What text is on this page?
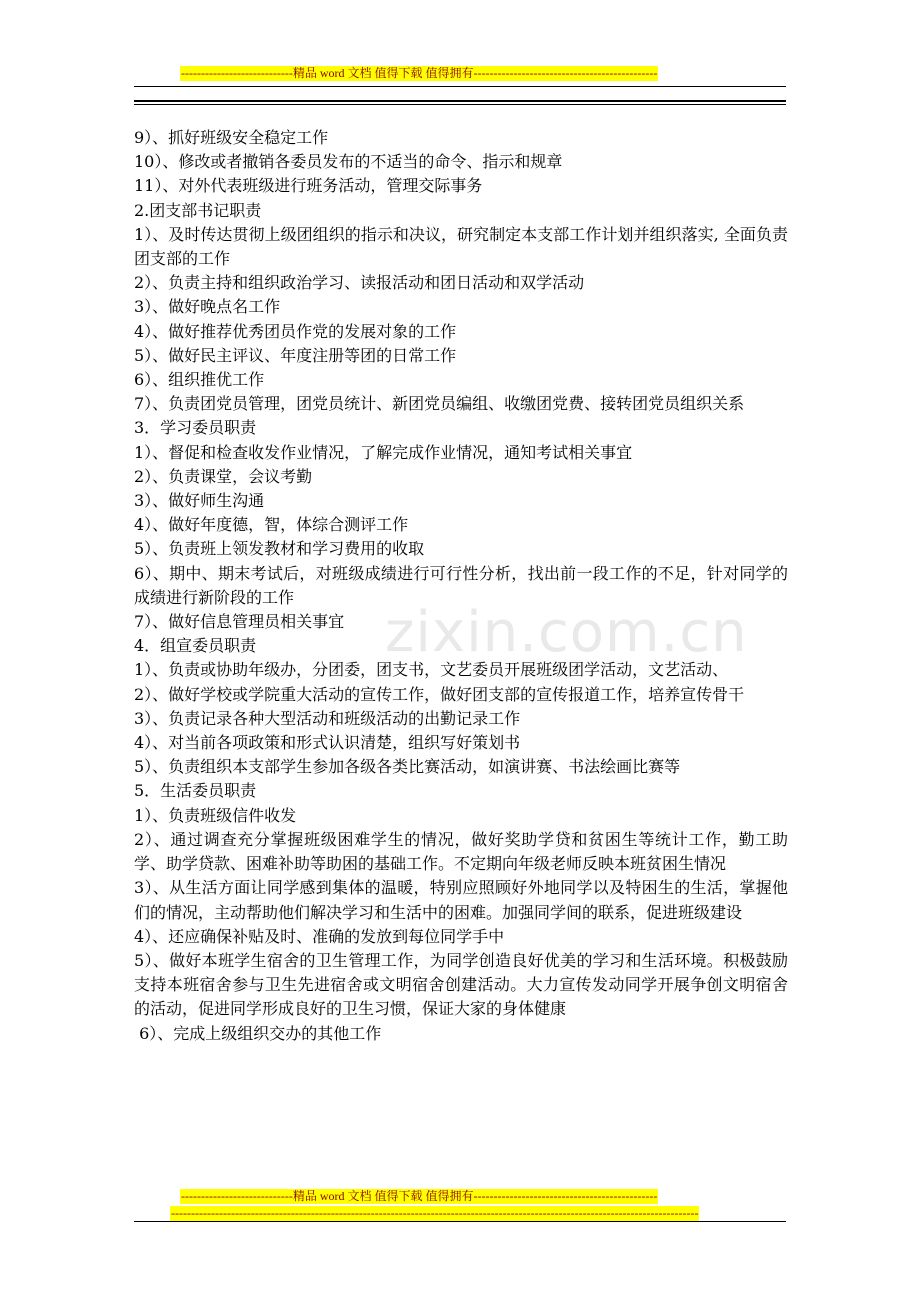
----------------------------精品 word 文档 值得下载 值得拥有----------------------------------------------
zixin.com.cn

9）、抓好班级安全稳定工作

10）、修改或者撤销各委员发布的不适当的命令、指示和规章

11）、对外代表班级进行班务活动，管理交际事务

2.团支部书记职责

1）、及时传达贯彻上级团组织的指示和决议，研究制定本支部工作计划并组织落实, 全面负责团支部的工作

2）、负责主持和组织政治学习、读报活动和团日活动和双学活动

3）、做好晚点名工作

4）、做好推荐优秀团员作党的发展对象的工作

5）、做好民主评议、年度注册等团的日常工作

6）、组织推优工作

7）、负责团党员管理，团党员统计、新团党员编组、收缴团党费、接转团党员组织关系

3．学习委员职责

1）、督促和检查收发作业情况，了解完成作业情况，通知考试相关事宜

2）、负责课堂，会议考勤

3）、做好师生沟通

4）、做好年度德，智，体综合测评工作

5）、负责班上领发教材和学习费用的收取

6）、期中、期末考试后，对班级成绩进行可行性分析，找出前一段工作的不足，针对同学的成绩进行新阶段的工作

7）、做好信息管理员相关事宜

4．组宣委员职责

1）、负责或协助年级办，分团委，团支书，文艺委员开展班级团学活动，文艺活动、

2）、做好学校或学院重大活动的宣传工作，做好团支部的宣传报道工作，培养宣传骨干

3）、负责记录各种大型活动和班级活动的出勤记录工作

4）、对当前各项政策和形式认识清楚，组织写好策划书

5）、负责组织本支部学生参加各级各类比赛活动，如演讲赛、书法绘画比赛等

5．生活委员职责

1）、负责班级信件收发

2）、通过调查充分掌握班级困难学生的情况，做好奖助学贷和贫困生等统计工作，勤工助学、助学贷款、困难补助等助困的基础工作。不定期向年级老师反映本班贫困生情况

3）、从生活方面让同学感到集体的温暖，特别应照顾好外地同学以及特困生的生活，掌握他们的情况，主动帮助他们解决学习和生活中的困难。加强同学间的联系，促进班级建设

4）、还应确保补贴及时、准确的发放到每位同学手中

5）、做好本班学生宿舍的卫生管理工作，为同学创造良好优美的学习和生活环境。积极鼓励支持本班宿舍参与卫生先进宿舍或文明宿舍创建活动。大力宣传发动同学开展争创文明宿舍的活动，促进同学形成良好的卫生习惯，保证大家的身体健康

6）、完成上级组织交办的其他工作

----------------------------精品 word 文档 值得下载 值得拥有----------------------------------------------
------------------------------------------------------------------------------------------------------------------------------------
